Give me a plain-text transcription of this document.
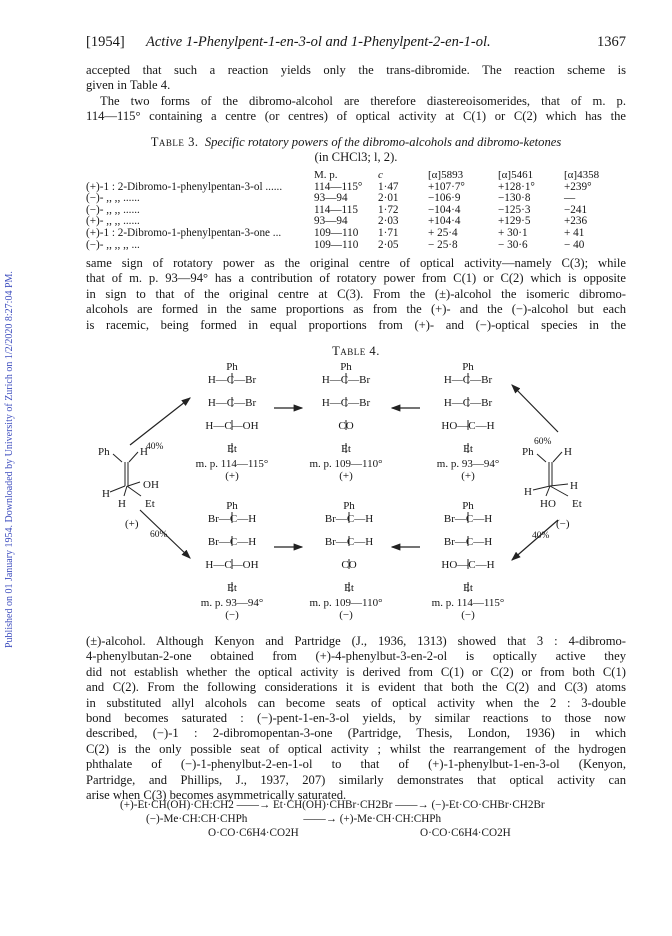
Published on 01 January 1954. Downloaded by University of Zurich on 1/2/2020 8:27:04 PM.
[1954] Active 1-Phenylpent-1-en-3-ol and 1-Phenylpent-2-en-1-ol.	1367
accepted that such a reaction yields only the trans-dibromide. The reaction scheme is
given in Table 4.
The two forms of the dibromo-alcohol are therefore diastereoisomerides, that of m. p.
114—115° containing a centre (or centres) of optical activity at C(1) or C(2) which has the
Table 3. Specific rotatory powers of the dibromo-alcohols and dibromo-ketones
(in CHCl3; l, 2).
	M. p.	c	[α]5893	[α]5461	[α]4358
(+)-1 : 2-Dibromo-1-phenylpentan-3-ol ......	114—115°	1·47	+107·7°	+128·1°	+239°
(−)- ,, ,, ......	93—94	2·01	−106·9	−130·8	—
(−)- ,, ,, ......	114—115	1·72	−104·4	−125·3	−241
(+)- ,, ,, ......	93—94	2·03	+104·4	+129·5	+236
(+)-1 : 2-Dibromo-1-phenylpentan-3-one ...	109—110	1·71	+ 25·4	+ 30·1	+ 41
(−)- ,, ,, ,, ...	109—110	2·05	− 25·8	− 30·6	− 40
same sign of rotatory power as the original centre of optical activity—namely C(3); while
that of m. p. 93—94° has a contribution of rotatory power from C(1) or C(2) which is opposite
in sign to that of the original centre at C(3). From the (±)-alcohol the isomeric dibromo-
alcohols are formed in the same proportions as from the (+)- and the (−)-alcohol but each
is racemic, being formed in equal proportions from (+)- and (−)-optical species in the
Table 4.
Ph
H—C—Br
H—C—Br
H—C—OH
Et
Ph
H—C—Br
H—C—Br
CO
Et
Ph
H—C—Br
H—C—Br
HO—C—H
Et
m. p. 114—115°
(+)
m. p. 109—110°
(+)
m. p. 93—94°
(+)
Ph
Br—C—H
Br—C—H
H—C—OH
Et
Ph
Br—C—H
Br—C—H
CO
Et
Ph
Br—C—H
Br—C—H
HO—C—H
Et
m. p. 93—94°
(−)
m. p. 109—110°
(−)
m. p. 114—115°
(−)
Ph	H
OH
H
H Et
(+)
Ph	H
H	H
HO Et
(−)
40%
60%
60%
40%
(±)-alcohol. Although Kenyon and Partridge (J., 1936, 1313) showed that 3 : 4-dibromo-
4-phenylbutan-2-one obtained from (+)-4-phenylbut-3-en-2-ol is optically active they
did not establish whether the optical activity is derived from C(1) or C(2) or from both C(1)
and C(2). From the following considerations it is evident that both the C(2) and C(3) atoms
in substituted allyl alcohols can become seats of optical activity when the 2 : 3-double
bond becomes saturated : (−)-pent-1-en-3-ol yields, by similar reactions to those now
described, (−)-1 : 2-dibromopentan-3-one (Partridge, Thesis, London, 1936) in which
C(2) is the only possible seat of optical activity ; whilst the rearrangement of the hydrogen
phthalate of (−)-1-phenylbut-2-en-1-ol to that of (+)-1-phenylbut-1-en-3-ol (Kenyon,
Partridge, and Phillips, J., 1937, 207) similarly demonstrates that optical activity can
arise when C(3) becomes asymmetrically saturated.
(+)-Et·CH(OH)·CH:CH2 ——→ Et·CH(OH)·CHBr·CH2Br ——→ (−)-Et·CO·CHBr·CH2Br
(−)-Me·CH:CH·CHPh                    ——→ (+)-Me·CH·CH:CHPh
O·CO·C6H4·CO2H	O·CO·C6H4·CO2H
